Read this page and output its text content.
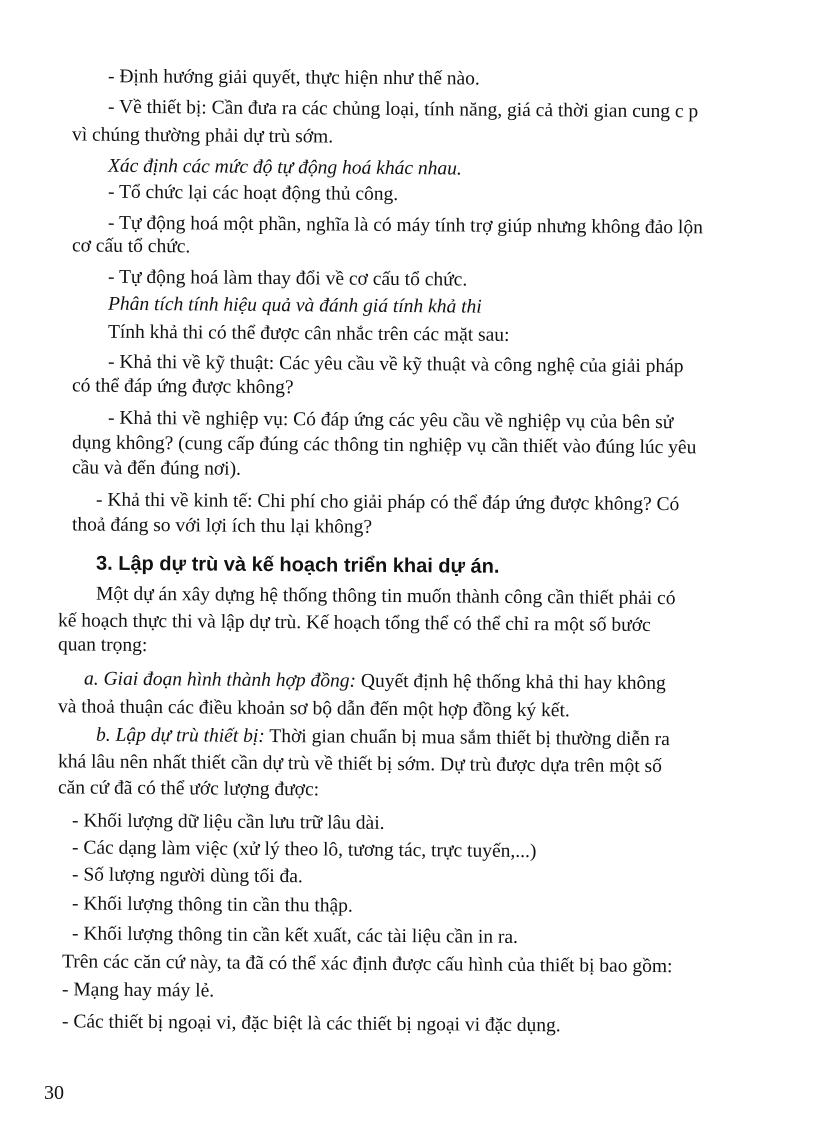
- Định hướng giải quyết, thực hiện như thế nào.
- Về thiết bị: Cần đưa ra các chủng loại, tính năng, giá cả thời gian cung c p
vì chúng thường phải dự trù sớm.
Xác định các mức độ tự động hoá khác nhau.
- Tổ chức lại các hoạt động thủ công.
- Tự động hoá một phần, nghĩa là có máy tính trợ giúp nhưng không đảo lộn
cơ cấu tổ chức.
- Tự động hoá làm thay đổi về cơ cấu tổ chức.
Phân tích tính hiệu quả và đánh giá tính khả thi
Tính khả thi có thể được cân nhắc trên các mặt sau:
- Khả thi về kỹ thuật: Các yêu cầu về kỹ thuật và công nghệ của giải pháp
có thể đáp ứng được không?
- Khả thi về nghiệp vụ: Có đáp ứng các yêu cầu về nghiệp vụ của bên sử
dụng không? (cung cấp đúng các thông tin nghiệp vụ cần thiết vào đúng lúc yêu
cầu và đến đúng nơi).
- Khả thi về kinh tế: Chi phí cho giải pháp có thể đáp ứng được không? Có
thoả đáng so với lợi ích thu lại không?
3. Lập dự trù và kế hoạch triển khai dự án.
Một dự án xây dựng hệ thống thông tin muốn thành công cần thiết phải có
kế hoạch thực thi và lập dự trù. Kế hoạch tổng thể có thể chỉ ra một số bước
quan trọng:
a. Giai đoạn hình thành hợp đồng: Quyết định hệ thống khả thi hay không
và thoả thuận các điều khoản sơ bộ dẫn đến một hợp đồng ký kết.
b. Lập dự trù thiết bị: Thời gian chuẩn bị mua sắm thiết bị thường diễn ra
khá lâu nên nhất thiết cần dự trù về thiết bị sớm. Dự trù được dựa trên một số
căn cứ đã có thể ước lượng được:
- Khối lượng dữ liệu cần lưu trữ lâu dài.
- Các dạng làm việc (xử lý theo lô, tương tác, trực tuyến,...)
- Số lượng người dùng tối đa.
- Khối lượng thông tin cần thu thập.
- Khối lượng thông tin cần kết xuất, các tài liệu cần in ra.
Trên các căn cứ này, ta đã có thể xác định được cấu hình của thiết bị bao gồm:
- Mạng hay máy lẻ.
- Các thiết bị ngoại vi, đặc biệt là các thiết bị ngoại vi đặc dụng.
30
